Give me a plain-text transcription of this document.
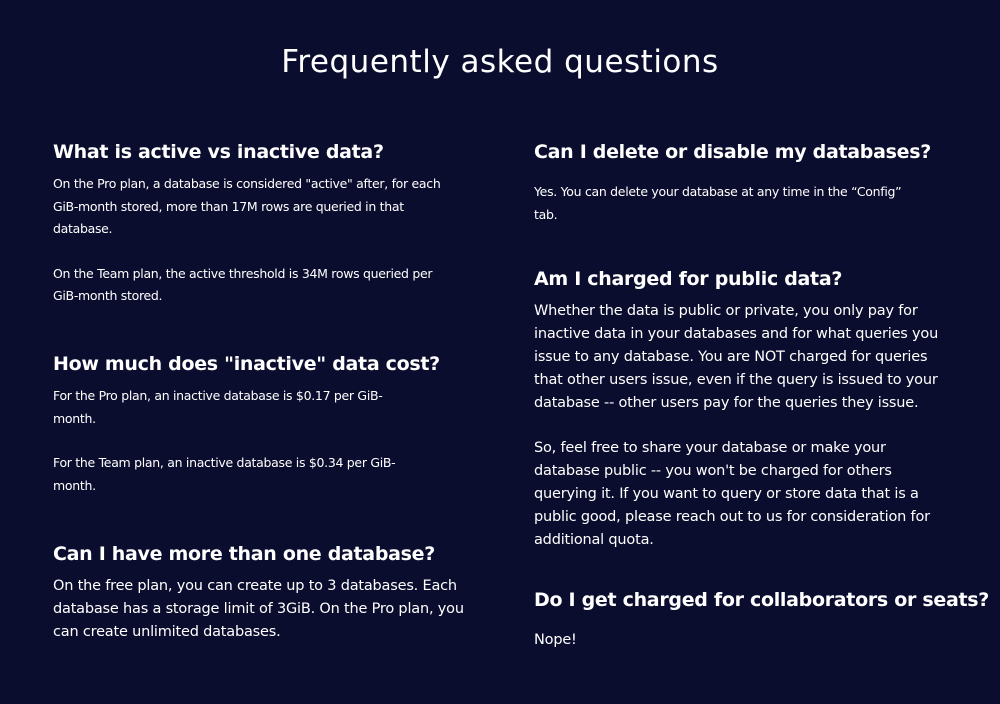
Frequently asked questions
What is active vs inactive data?

On the Pro plan, a database is considered "active" after, for each GiB-month stored, more than 17M rows are queried in that database.

On the Team plan, the active threshold is 34M rows queried per GiB-month stored.

How much does "inactive" data cost?

For the Pro plan, an inactive database is $0.17 per GiB-month.

For the Team plan, an inactive database is $0.34 per GiB-month.

Can I have more than one database?

On the free plan, you can create up to 3 databases. Each database has a storage limit of 3GiB. On the Pro plan, you can create unlimited databases.

Can I delete or disable my databases?

Yes. You can delete your database at any time in the “Config” tab.

Am I charged for public data?

Whether the data is public or private, you only pay for inactive data in your databases and for what queries you issue to any database. You are NOT charged for queries that other users issue, even if the query is issued to your database -- other users pay for the queries they issue.

So, feel free to share your database or make your database public -- you won't be charged for others querying it. If you want to query or store data that is a public good, please reach out to us for consideration for additional quota.

Do I get charged for collaborators or seats?

Nope!
